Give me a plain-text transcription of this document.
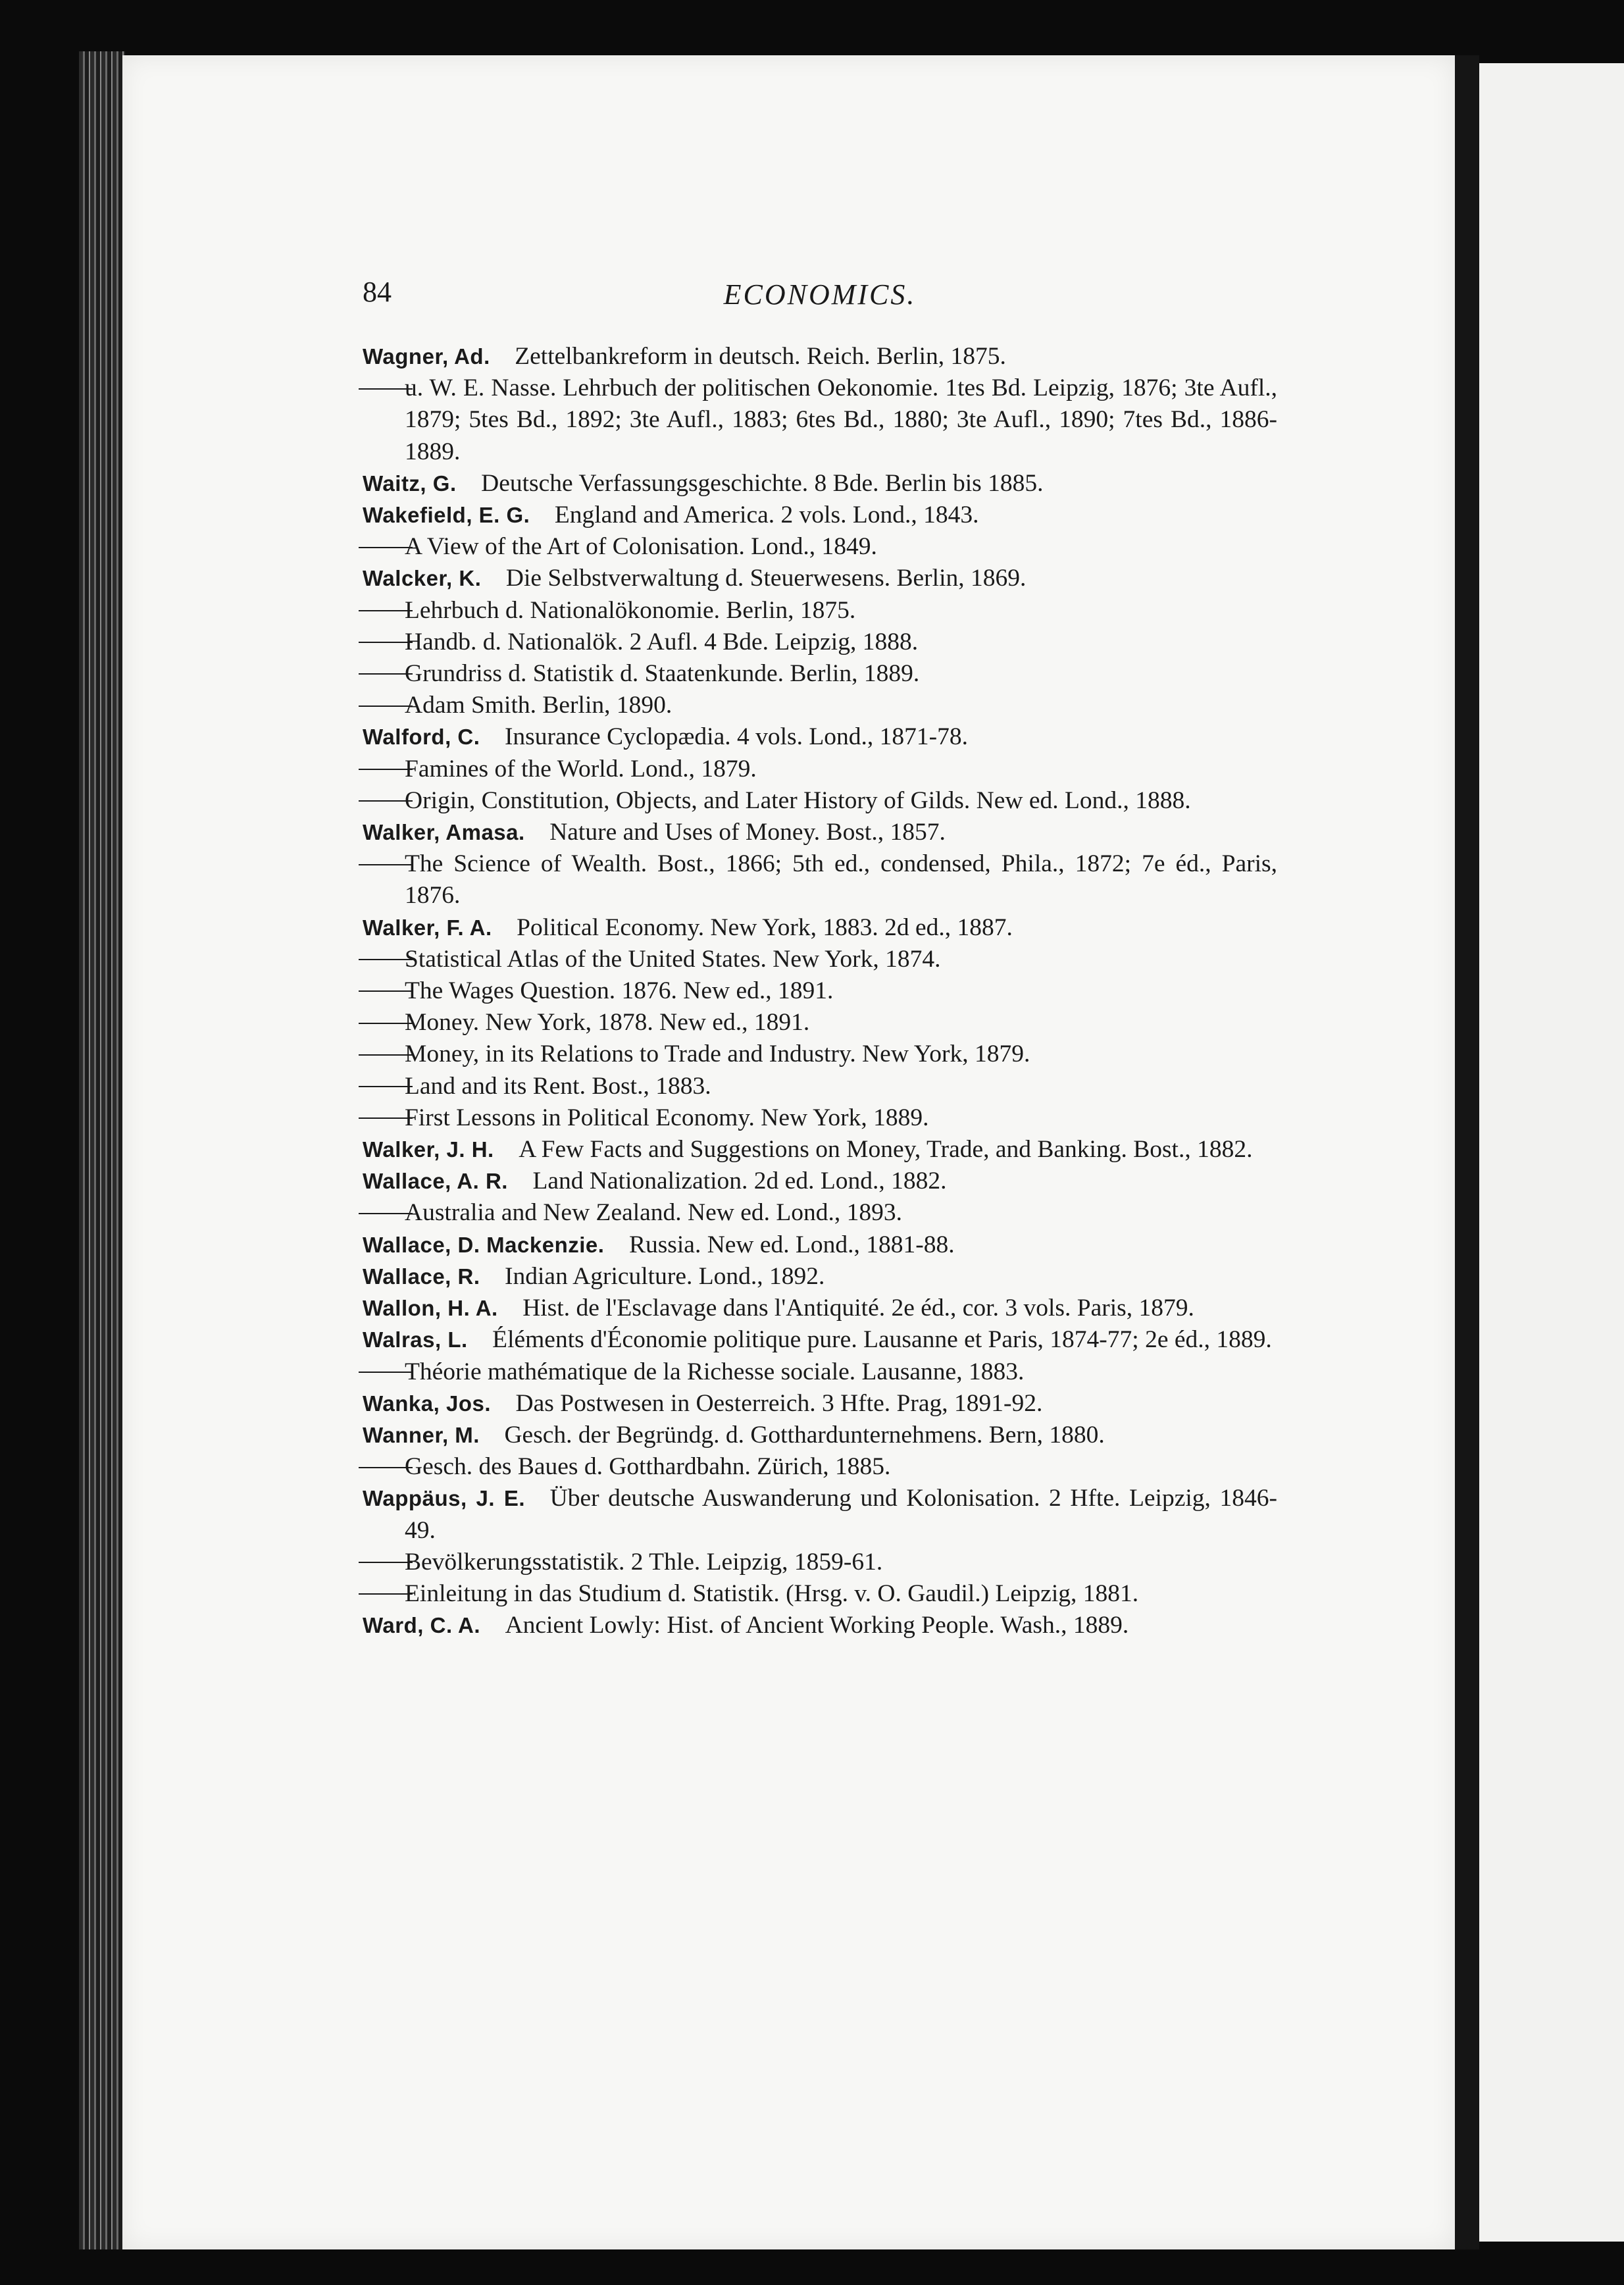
84	ECONOMICS.

Wagner, Ad.  Zettelbankreform in deutsch. Reich. Berlin, 1875.

u. W. E. Nasse. Lehrbuch der politischen Oekonomie. 1tes Bd. Leipzig, 1876; 3te Aufl., 1879; 5tes Bd., 1892; 3te Aufl., 1883; 6tes Bd., 1880; 3te Aufl., 1890; 7tes Bd., 1886-1889.

Waitz, G.  Deutsche Verfassungsgeschichte. 8 Bde. Berlin bis 1885.

Wakefield, E. G.  England and America. 2 vols. Lond., 1843.

A View of the Art of Colonisation. Lond., 1849.

Walcker, K.  Die Selbstverwaltung d. Steuerwesens. Berlin, 1869.

Lehrbuch d. Nationalökonomie. Berlin, 1875.

Handb. d. Nationalök. 2 Aufl. 4 Bde. Leipzig, 1888.

Grundriss d. Statistik d. Staatenkunde. Berlin, 1889.

Adam Smith. Berlin, 1890.

Walford, C.  Insurance Cyclopædia. 4 vols. Lond., 1871-78.

Famines of the World. Lond., 1879.

Origin, Constitution, Objects, and Later History of Gilds. New ed. Lond., 1888.

Walker, Amasa.  Nature and Uses of Money. Bost., 1857.

The Science of Wealth. Bost., 1866; 5th ed., condensed, Phila., 1872; 7e éd., Paris, 1876.

Walker, F. A.  Political Economy. New York, 1883. 2d ed., 1887.

Statistical Atlas of the United States. New York, 1874.

The Wages Question. 1876. New ed., 1891.

Money. New York, 1878. New ed., 1891.

Money, in its Relations to Trade and Industry. New York, 1879.

Land and its Rent. Bost., 1883.

First Lessons in Political Economy. New York, 1889.

Walker, J. H.  A Few Facts and Suggestions on Money, Trade, and Banking. Bost., 1882.

Wallace, A. R.  Land Nationalization. 2d ed. Lond., 1882.

Australia and New Zealand. New ed. Lond., 1893.

Wallace, D. Mackenzie.  Russia. New ed. Lond., 1881-88.

Wallace, R.  Indian Agriculture. Lond., 1892.

Wallon, H. A.  Hist. de l'Esclavage dans l'Antiquité. 2e éd., cor. 3 vols. Paris, 1879.

Walras, L.  Éléments d'Économie politique pure. Lausanne et Paris, 1874-77; 2e éd., 1889.

Théorie mathématique de la Richesse sociale. Lausanne, 1883.

Wanka, Jos.  Das Postwesen in Oesterreich. 3 Hfte. Prag, 1891-92.

Wanner, M.  Gesch. der Begründg. d. Gotthardunternehmens. Bern, 1880.

Gesch. des Baues d. Gotthardbahn. Zürich, 1885.

Wappäus, J. E.  Über deutsche Auswanderung und Kolonisation. 2 Hfte. Leipzig, 1846-49.

Bevölkerungsstatistik. 2 Thle. Leipzig, 1859-61.

Einleitung in das Studium d. Statistik. (Hrsg. v. O. Gaudil.) Leipzig, 1881.

Ward, C. A.  Ancient Lowly: Hist. of Ancient Working People. Wash., 1889.
